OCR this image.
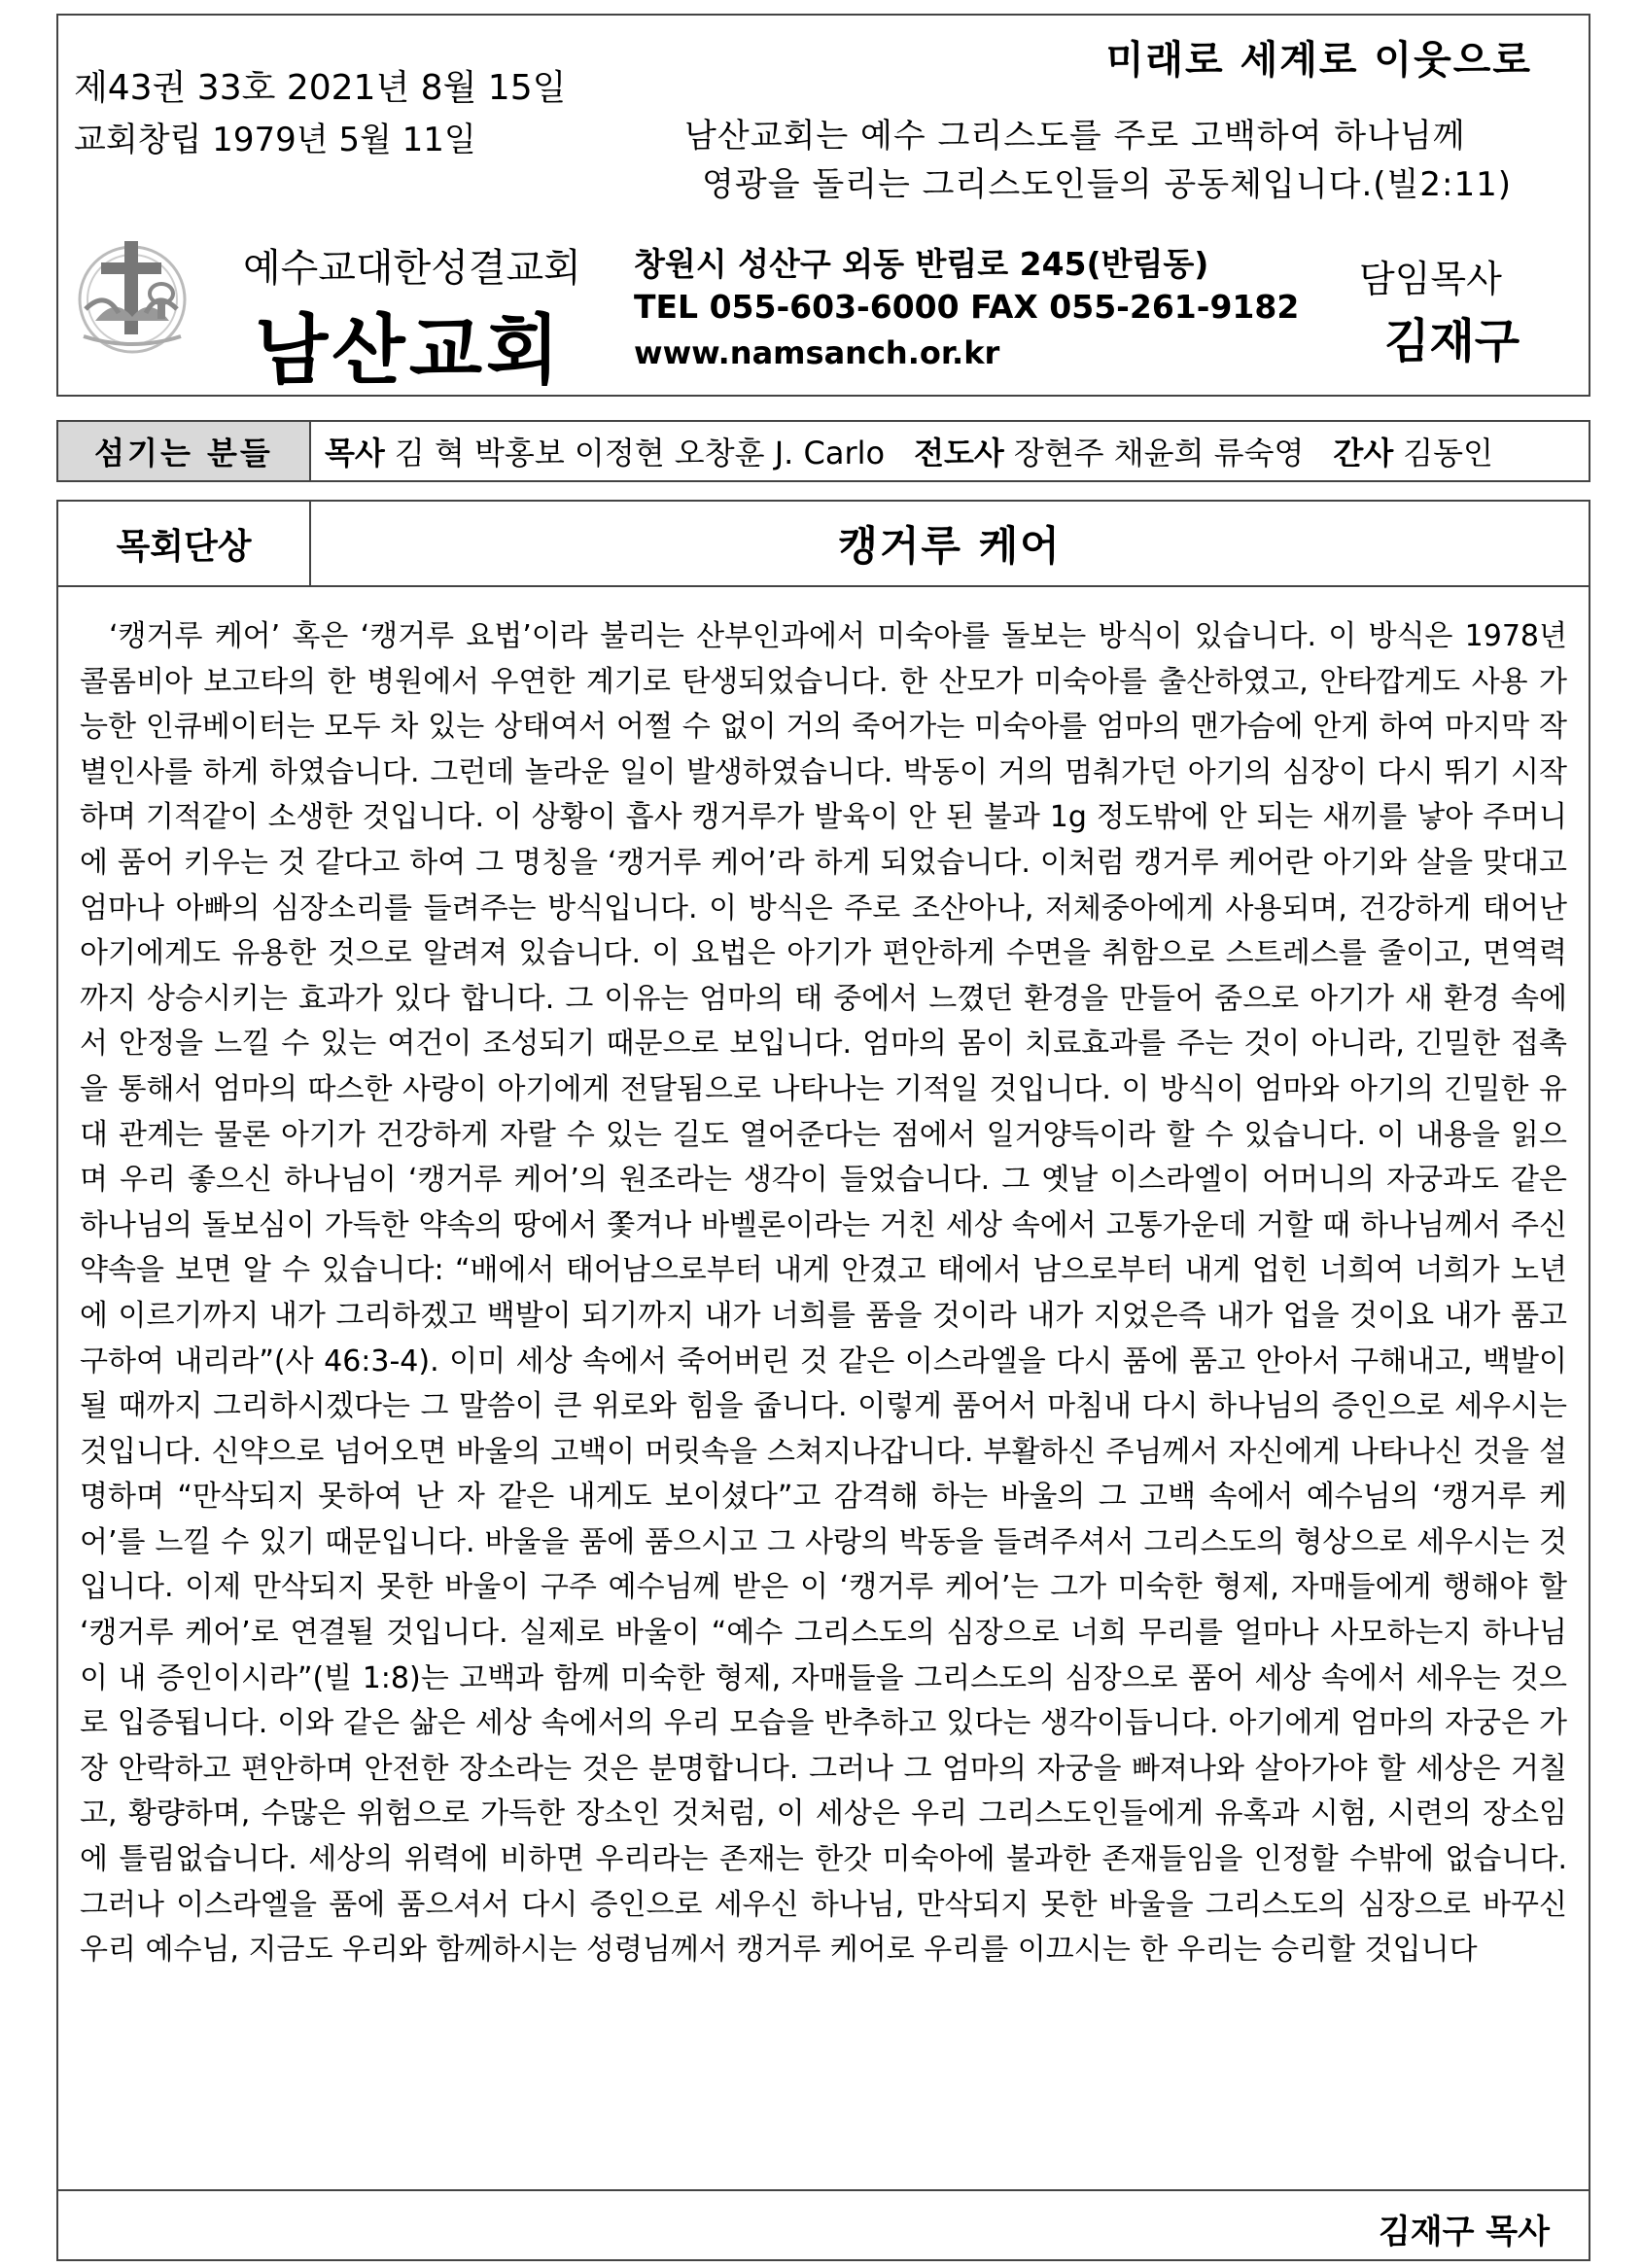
미래로 세계로 이웃으로
제43권 33호 2021년 8월 15일
교회창립 1979년 5월 11일	남산교회는 예수 그리스도를 주로 고백하여 하나님께
영광을 돌리는 그리스도인들의 공동체입니다.(빌2:11)
예수교대한성결교회
남산교회
창원시 성산구 외동 반림로 245(반림동)
TEL 055-603-6000 FAX 055-261-9182
www.namsanch.or.kr
담임목사
김재구
섬기는 분들	목사 김 혁 박홍보 이정현 오창훈 J. Carlo 전도사 장현주 채윤희 류숙영 간사 김동인
목회단상	캥거루 케어
‘캥거루 케어’ 혹은 ‘캥거루 요법’이라 불리는 산부인과에서 미숙아를 돌보는 방식이 있습니다. 이 방식은 1978년 콜롬비아 보고타의 한 병원에서 우연한 계기로 탄생되었습니다. 한 산모가 미숙아를 출산하였고, 안타깝게도 사용 가능한 인큐베이터는 모두 차 있는 상태여서 어쩔 수 없이 거의 죽어가는 미숙아를 엄마의 맨가슴에 안게 하여 마지막 작별인사를 하게 하였습니다. 그런데 놀라운 일이 발생하였습니다. 박동이 거의 멈춰가던 아기의 심장이 다시 뛰기 시작하며 기적같이 소생한 것입니다. 이 상황이 흡사 캥거루가 발육이 안 된 불과 1g 정도밖에 안 되는 새끼를 낳아 주머니에 품어 키우는 것 같다고 하여 그 명칭을 ‘캥거루 케어’라 하게 되었습니다. 이처럼 캥거루 케어란 아기와 살을 맞대고 엄마나 아빠의 심장소리를 들려주는 방식입니다. 이 방식은 주로 조산아나, 저체중아에게 사용되며, 건강하게 태어난 아기에게도 유용한 것으로 알려져 있습니다. 이 요법은 아기가 편안하게 수면을 취함으로 스트레스를 줄이고, 면역력까지 상승시키는 효과가 있다 합니다. 그 이유는 엄마의 태 중에서 느꼈던 환경을 만들어 줌으로 아기가 새 환경 속에서 안정을 느낄 수 있는 여건이 조성되기 때문으로 보입니다. 엄마의 몸이 치료효과를 주는 것이 아니라, 긴밀한 접촉을 통해서 엄마의 따스한 사랑이 아기에게 전달됨으로 나타나는 기적일 것입니다. 이 방식이 엄마와 아기의 긴밀한 유대 관계는 물론 아기가 건강하게 자랄 수 있는 길도 열어준다는 점에서 일거양득이라 할 수 있습니다. 이 내용을 읽으며 우리 좋으신 하나님이 ‘캥거루 케어’의 원조라는 생각이 들었습니다. 그 옛날 이스라엘이 어머니의 자궁과도 같은 하나님의 돌보심이 가득한 약속의 땅에서 쫓겨나 바벨론이라는 거친 세상 속에서 고통가운데 거할 때 하나님께서 주신 약속을 보면 알 수 있습니다: “배에서 태어남으로부터 내게 안겼고 태에서 남으로부터 내게 업힌 너희여 너희가 노년에 이르기까지 내가 그리하겠고 백발이 되기까지 내가 너희를 품을 것이라 내가 지었은즉 내가 업을 것이요 내가 품고 구하여 내리라”(사 46:3-4). 이미 세상 속에서 죽어버린 것 같은 이스라엘을 다시 품에 품고 안아서 구해내고, 백발이 될 때까지 그리하시겠다는 그 말씀이 큰 위로와 힘을 줍니다. 이렇게 품어서 마침내 다시 하나님의 증인으로 세우시는 것입니다. 신약으로 넘어오면 바울의 고백이 머릿속을 스쳐지나갑니다. 부활하신 주님께서 자신에게 나타나신 것을 설명하며 “만삭되지 못하여 난 자 같은 내게도 보이셨다”고 감격해 하는 바울의 그 고백 속에서 예수님의 ‘캥거루 케어’를 느낄 수 있기 때문입니다. 바울을 품에 품으시고 그 사랑의 박동을 들려주셔서 그리스도의 형상으로 세우시는 것입니다. 이제 만삭되지 못한 바울이 구주 예수님께 받은 이 ‘캥거루 케어’는 그가 미숙한 형제, 자매들에게 행해야 할 ‘캥거루 케어’로 연결될 것입니다. 실제로 바울이 “예수 그리스도의 심장으로 너희 무리를 얼마나 사모하는지 하나님이 내 증인이시라”(빌 1:8)는 고백과 함께 미숙한 형제, 자매들을 그리스도의 심장으로 품어 세상 속에서 세우는 것으로 입증됩니다. 이와 같은 삶은 세상 속에서의 우리 모습을 반추하고 있다는 생각이듭니다. 아기에게 엄마의 자궁은 가장 안락하고 편안하며 안전한 장소라는 것은 분명합니다. 그러나 그 엄마의 자궁을 빠져나와 살아가야 할 세상은 거칠고, 황량하며, 수많은 위험으로 가득한 장소인 것처럼, 이 세상은 우리 그리스도인들에게 유혹과 시험, 시련의 장소임에 틀림없습니다. 세상의 위력에 비하면 우리라는 존재는 한갓 미숙아에 불과한 존재들임을 인정할 수밖에 없습니다. 그러나 이스라엘을 품에 품으셔서 다시 증인으로 세우신 하나님, 만삭되지 못한 바울을 그리스도의 심장으로 바꾸신 우리 예수님, 지금도 우리와 함께하시는 성령님께서 캥거루 케어로 우리를 이끄시는 한 우리는 승리할 것입니다
김재구 목사
